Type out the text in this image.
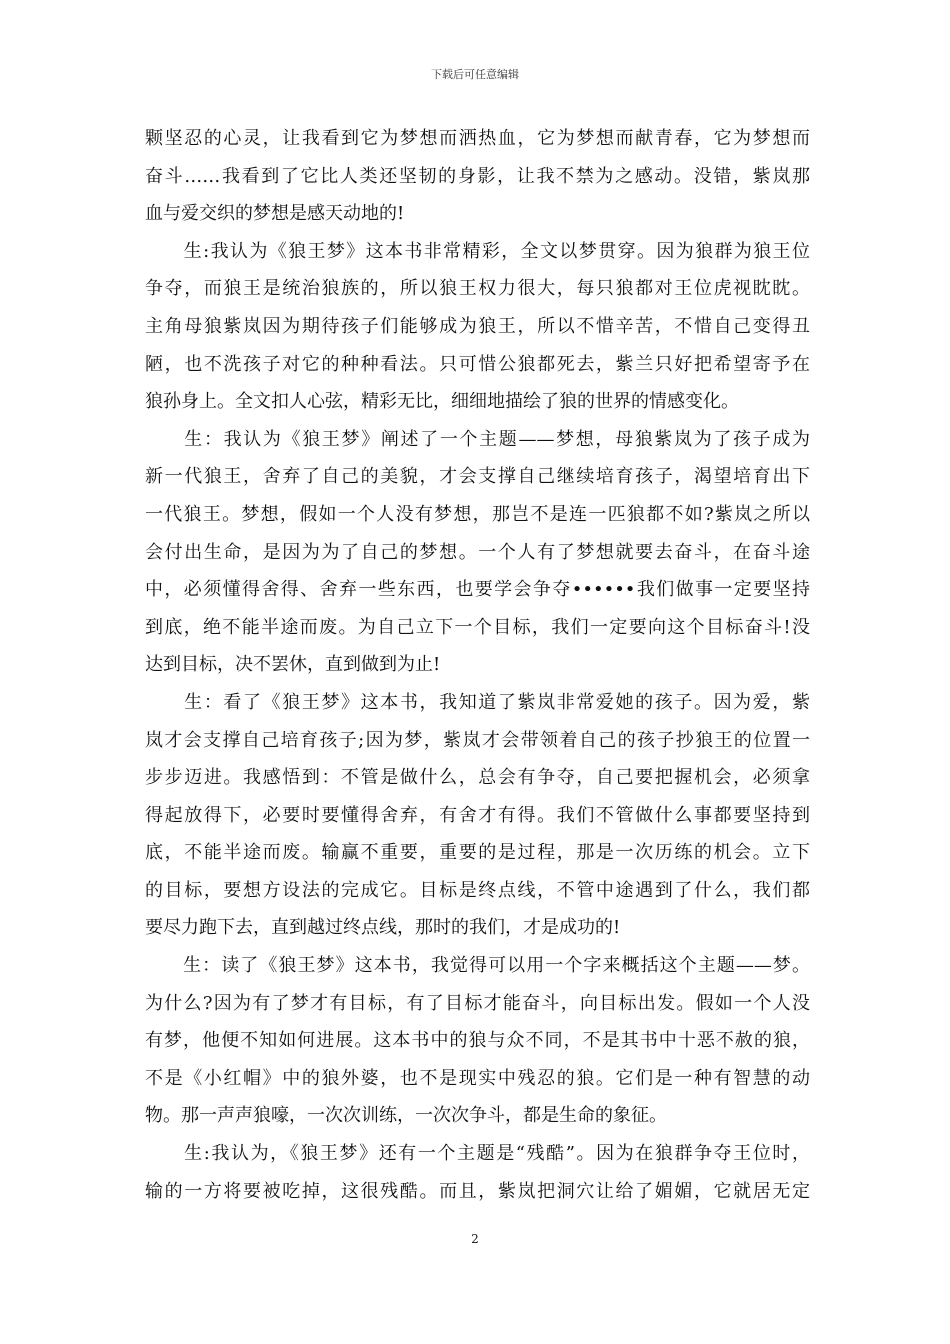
下载后可任意编辑
颗坚忍的心灵，让我看到它为梦想而洒热血，它为梦想而献青春，它为梦想而
奋斗……我看到了它比人类还坚韧的身影，让我不禁为之感动。没错，紫岚那
血与爱交织的梦想是感天动地的!
　　生:我认为《狼王梦》这本书非常精彩，全文以梦贯穿。因为狼群为狼王位
争夺，而狼王是统治狼族的，所以狼王权力很大，每只狼都对王位虎视眈眈。
主角母狼紫岚因为期待孩子们能够成为狼王，所以不惜辛苦，不惜自己变得丑
陋，也不洗孩子对它的种种看法。只可惜公狼都死去，紫兰只好把希望寄予在
狼孙身上。全文扣人心弦，精彩无比，细细地描绘了狼的世界的情感变化。
　　生：我认为《狼王梦》阐述了一个主题——梦想，母狼紫岚为了孩子成为
新一代狼王，舍弃了自己的美貌，才会支撑自己继续培育孩子，渴望培育出下
一代狼王。梦想，假如一个人没有梦想，那岂不是连一匹狼都不如?紫岚之所以
会付出生命，是因为为了自己的梦想。一个人有了梦想就要去奋斗，在奋斗途
中，必须懂得舍得、舍弃一些东西，也要学会争夺••••••我们做事一定要坚持
到底，绝不能半途而废。为自己立下一个目标，我们一定要向这个目标奋斗!没
达到目标，决不罢休，直到做到为止!
　　生：看了《狼王梦》这本书，我知道了紫岚非常爱她的孩子。因为爱，紫
岚才会支撑自己培育孩子;因为梦，紫岚才会带领着自己的孩子抄狼王的位置一
步步迈进。我感悟到：不管是做什么，总会有争夺，自己要把握机会，必须拿
得起放得下，必要时要懂得舍弃，有舍才有得。我们不管做什么事都要坚持到
底，不能半途而废。输赢不重要，重要的是过程，那是一次历练的机会。立下
的目标，要想方设法的完成它。目标是终点线，不管中途遇到了什么，我们都
要尽力跑下去，直到越过终点线，那时的我们，才是成功的!
　　生：读了《狼王梦》这本书，我觉得可以用一个字来概括这个主题——梦。
为什么?因为有了梦才有目标，有了目标才能奋斗，向目标出发。假如一个人没
有梦，他便不知如何进展。这本书中的狼与众不同，不是其书中十恶不赦的狼，
不是《小红帽》中的狼外婆，也不是现实中残忍的狼。它们是一种有智慧的动
物。那一声声狼嚎，一次次训练，一次次争斗，都是生命的象征。
　　生:我认为，《狼王梦》还有一个主题是“残酷”。因为在狼群争夺王位时，
输的一方将要被吃掉，这很残酷。而且，紫岚把洞穴让给了媚媚，它就居无定
2
